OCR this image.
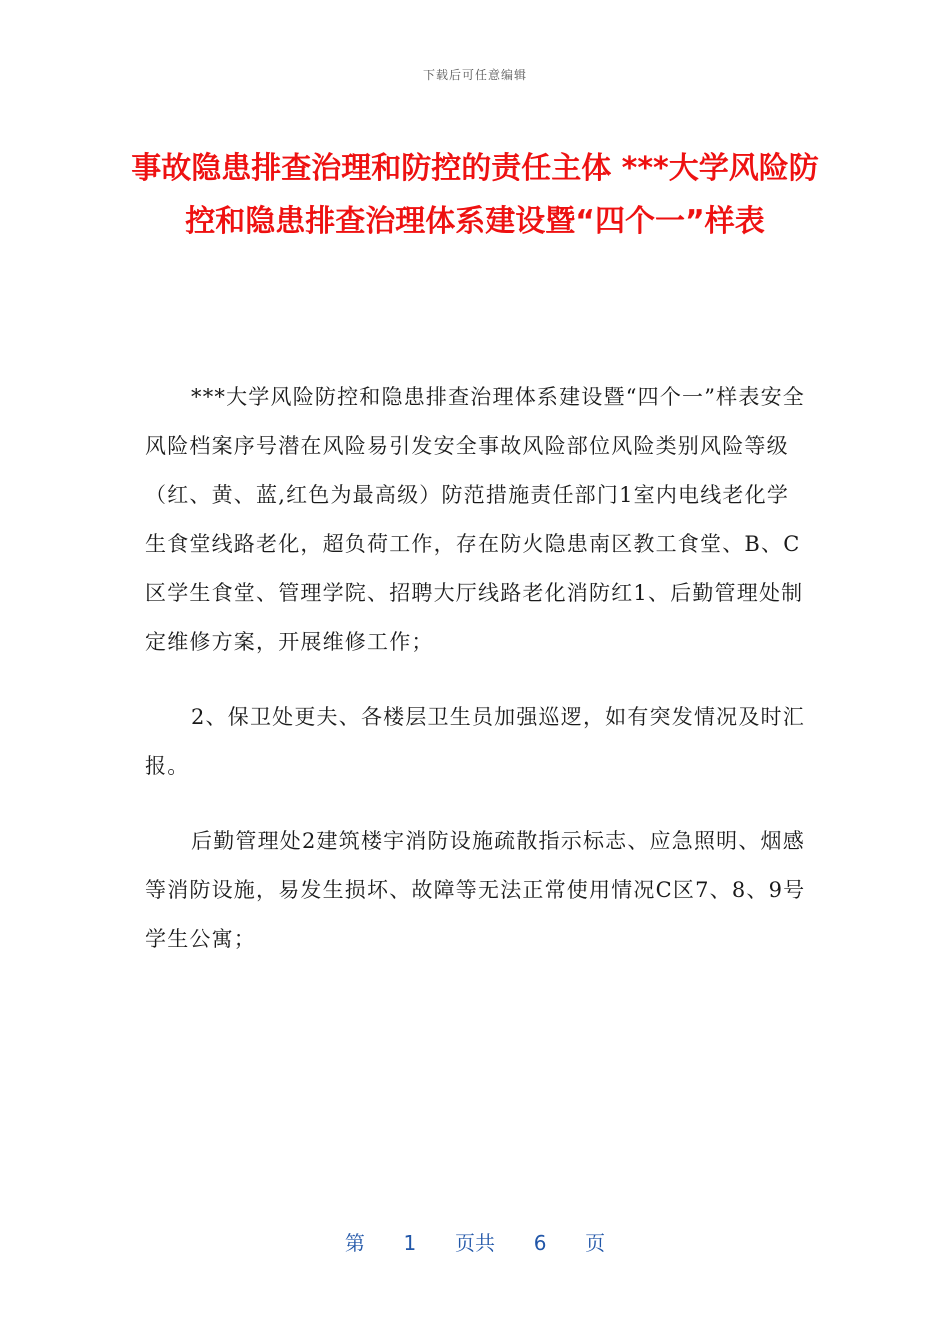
下载后可任意编辑
事故隐患排查治理和防控的责任主体 ***大学风险防控和隐患排查治理体系建设暨“四个一”样表

***大学风险防控和隐患排查治理体系建设暨“四个一”样表安全风险档案序号潜在风险易引发安全事故风险部位风险类别风险等级（红、黄、蓝,红色为最高级）防范措施责任部门1室内电线老化学生食堂线路老化，超负荷工作，存在防火隐患南区教工食堂、B、C区学生食堂、管理学院、招聘大厅线路老化消防红1、后勤管理处制定维修方案，开展维修工作；

2、保卫处更夫、各楼层卫生员加强巡逻，如有突发情况及时汇报。

后勤管理处2建筑楼宇消防设施疏散指示标志、应急照明、烟感等消防设施，易发生损坏、故障等无法正常使用情况C区7、8、9号学生公寓；

第 1 页共 6 页
